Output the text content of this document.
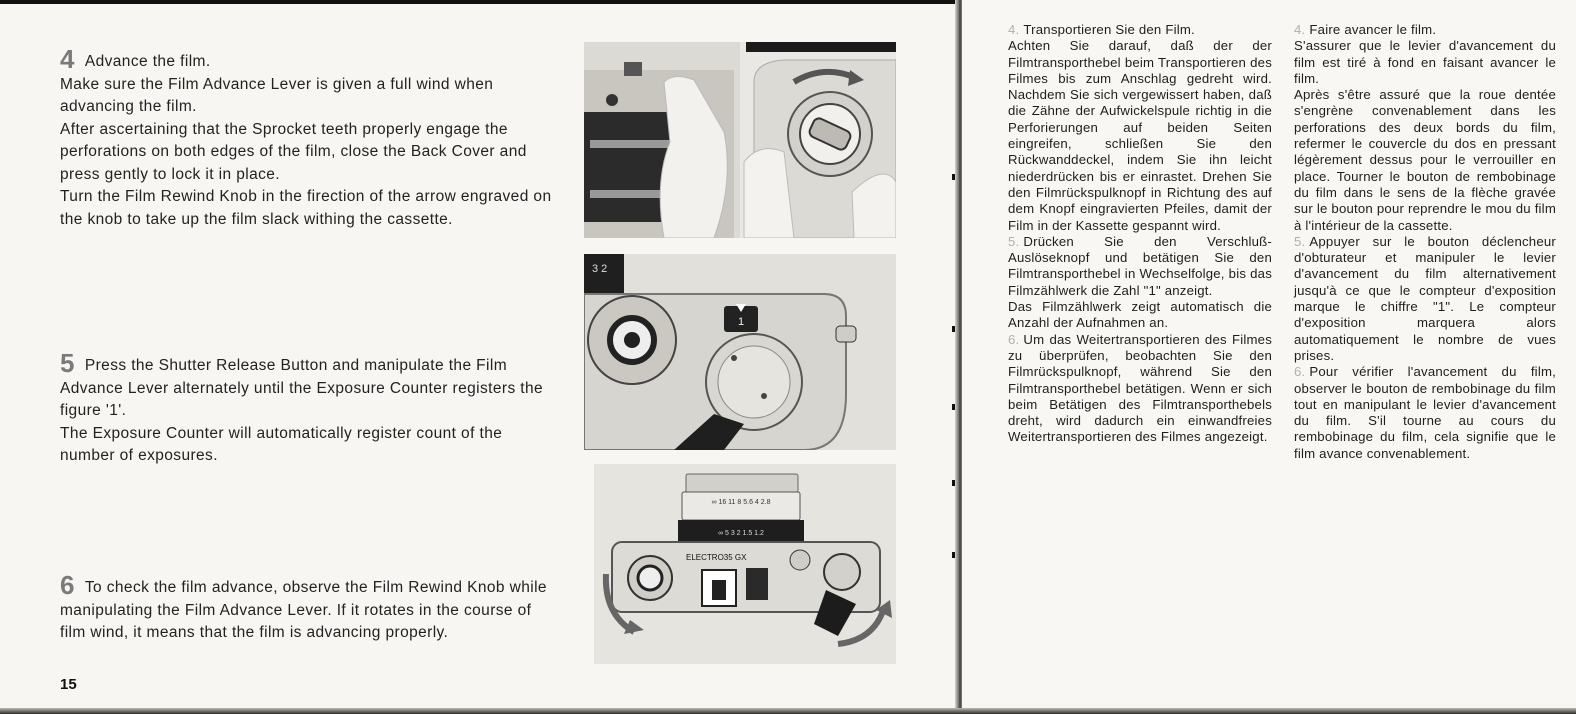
4 Advance the film.

Make sure the Film Advance Lever is given a full wind when advancing the film.

After ascertaining that the Sprocket teeth properly engage the perforations on both edges of the film, close the Back Cover and press gently to lock it in place.

Turn the Film Rewind Knob in the firection of the arrow engraved on the knob to take up the film slack withing the cassette.

5 Press the Shutter Release Button and manipulate the Film Advance Lever alternately until the Exposure Counter registers the figure '1'.

The Exposure Counter will automatically register count of the number of exposures.

6 To check the film advance, observe the Film Rewind Knob while manipulating the Film Advance Lever. If it rotates in the course of film wind, it means that the film is advancing properly.

15
3 2
1
∞ 16 11 8 5.6 4 2.8
∞ 5 3 2 1.5 1.2
ELECTRO35 GX

4. Transportieren Sie den Film.

Achten Sie darauf, daß der der Filmtransporthebel beim Transportieren des Filmes bis zum Anschlag gedreht wird. Nachdem Sie sich vergewissert haben, daß die Zähne der Aufwickelspule richtig in die Perforierungen auf beiden Seiten eingreifen, schließen Sie den Rückwanddeckel, indem Sie ihn leicht niederdrücken bis er einrastet. Drehen Sie den Filmrückspulknopf in Richtung des auf dem Knopf eingravierten Pfeiles, damit der Film in der Kassette gespannt wird.

5. Drücken Sie den Verschluß-Auslöseknopf und betätigen Sie den Filmtransporthebel in Wechselfolge, bis das Filmzählwerk die Zahl "1" anzeigt.

Das Filmzählwerk zeigt automatisch die Anzahl der Aufnahmen an.

6. Um das Weitertransportieren des Filmes zu überprüfen, beobachten Sie den Filmrückspulknopf, während Sie den Filmtransporthebel betätigen. Wenn er sich beim Betätigen des Filmtransporthebels dreht, wird dadurch ein einwandfreies Weitertransportieren des Filmes angezeigt.

4. Faire avancer le film.

S'assurer que le levier d'avancement du film est tiré à fond en faisant avancer le film.

Après s'être assuré que la roue dentée s'engrène convenablement dans les perforations des deux bords du film, refermer le couvercle du dos en pressant légèrement dessus pour le verrouiller en place. Tourner le bouton de rembobinage du film dans le sens de la flèche gravée sur le bouton pour reprendre le mou du film à l'intérieur de la cassette.

5. Appuyer sur le bouton déclencheur d'obturateur et manipuler le levier d'avancement du film alternativement jusqu'à ce que le compteur d'exposition marque le chiffre "1". Le compteur d'exposition marquera alors automatiquement le nombre de vues prises.

6. Pour vérifier l'avancement du film, observer le bouton de rembobinage du film tout en manipulant le levier d'avancement du film. S'il tourne au cours du rembobinage du film, cela signifie que le film avance convenablement.
